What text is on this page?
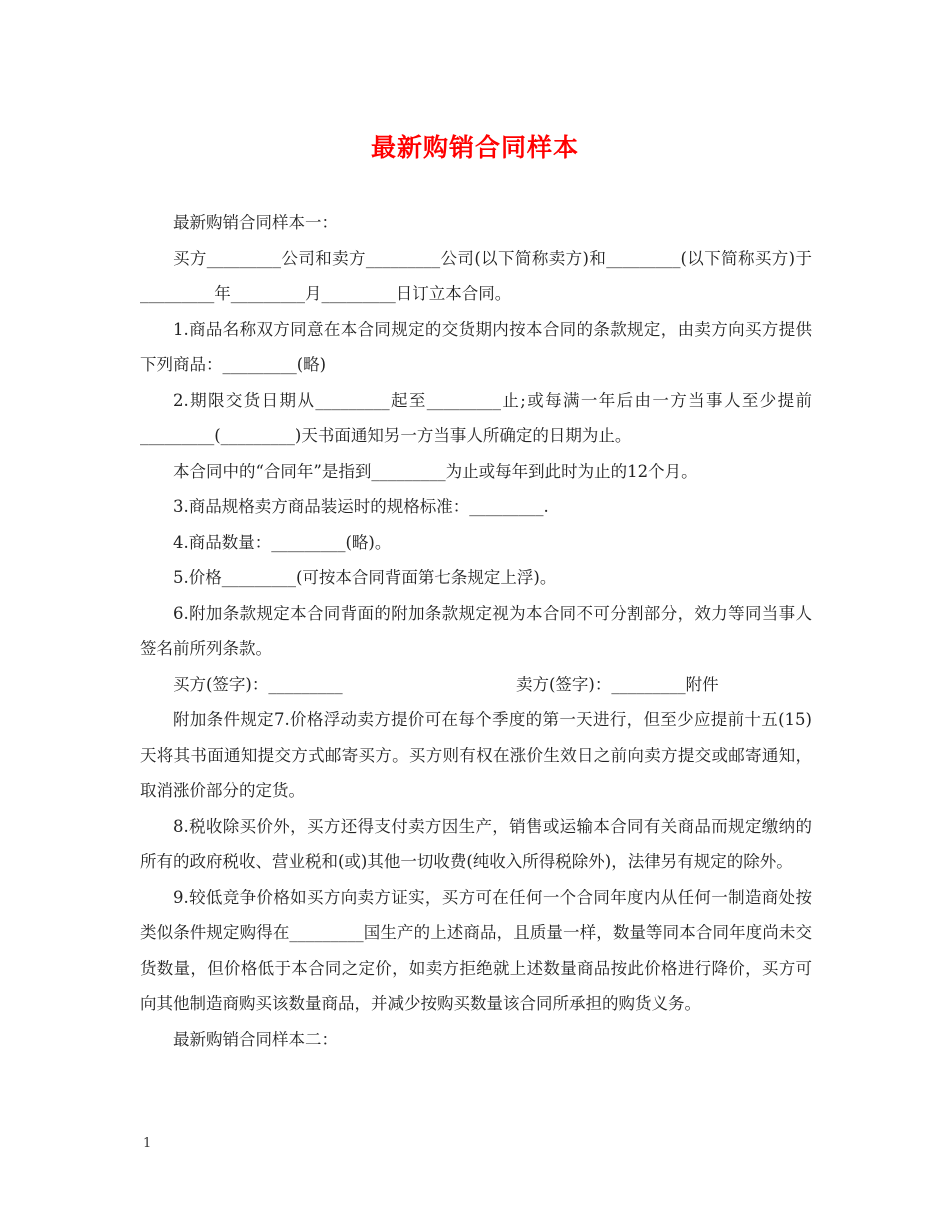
最新购销合同样本

最新购销合同样本一：

买方_________公司和卖方_________公司(以下简称卖方)和_________(以下简称买方)于_________年_________月_________日订立本合同。

1.商品名称双方同意在本合同规定的交货期内按本合同的条款规定，由卖方向买方提供下列商品：_________(略)

2.期限交货日期从_________起至_________止;或每满一年后由一方当事人至少提前_________(_________)天书面通知另一方当事人所确定的日期为止。

本合同中的“合同年”是指到_________为止或每年到此时为止的12个月。

3.商品规格卖方商品装运时的规格标准：_________.

4.商品数量：_________(略)。

5.价格_________(可按本合同背面第七条规定上浮)。

6.附加条款规定本合同背面的附加条款规定视为本合同不可分割部分，效力等同当事人签名前所列条款。

买方(签字)：_________	卖方(签字)：_________附件

附加条件规定7.价格浮动卖方提价可在每个季度的第一天进行，但至少应提前十五(15)天将其书面通知提交方式邮寄买方。买方则有权在涨价生效日之前向卖方提交或邮寄通知，取消涨价部分的定货。

8.税收除买价外，买方还得支付卖方因生产，销售或运输本合同有关商品而规定缴纳的所有的政府税收、营业税和(或)其他一切收费(纯收入所得税除外)，法律另有规定的除外。

9.较低竞争价格如买方向卖方证实，买方可在任何一个合同年度内从任何一制造商处按类似条件规定购得在_________国生产的上述商品，且质量一样，数量等同本合同年度尚未交货数量，但价格低于本合同之定价，如卖方拒绝就上述数量商品按此价格进行降价，买方可向其他制造商购买该数量商品，并减少按购买数量该合同所承担的购货义务。

最新购销合同样本二：

1
